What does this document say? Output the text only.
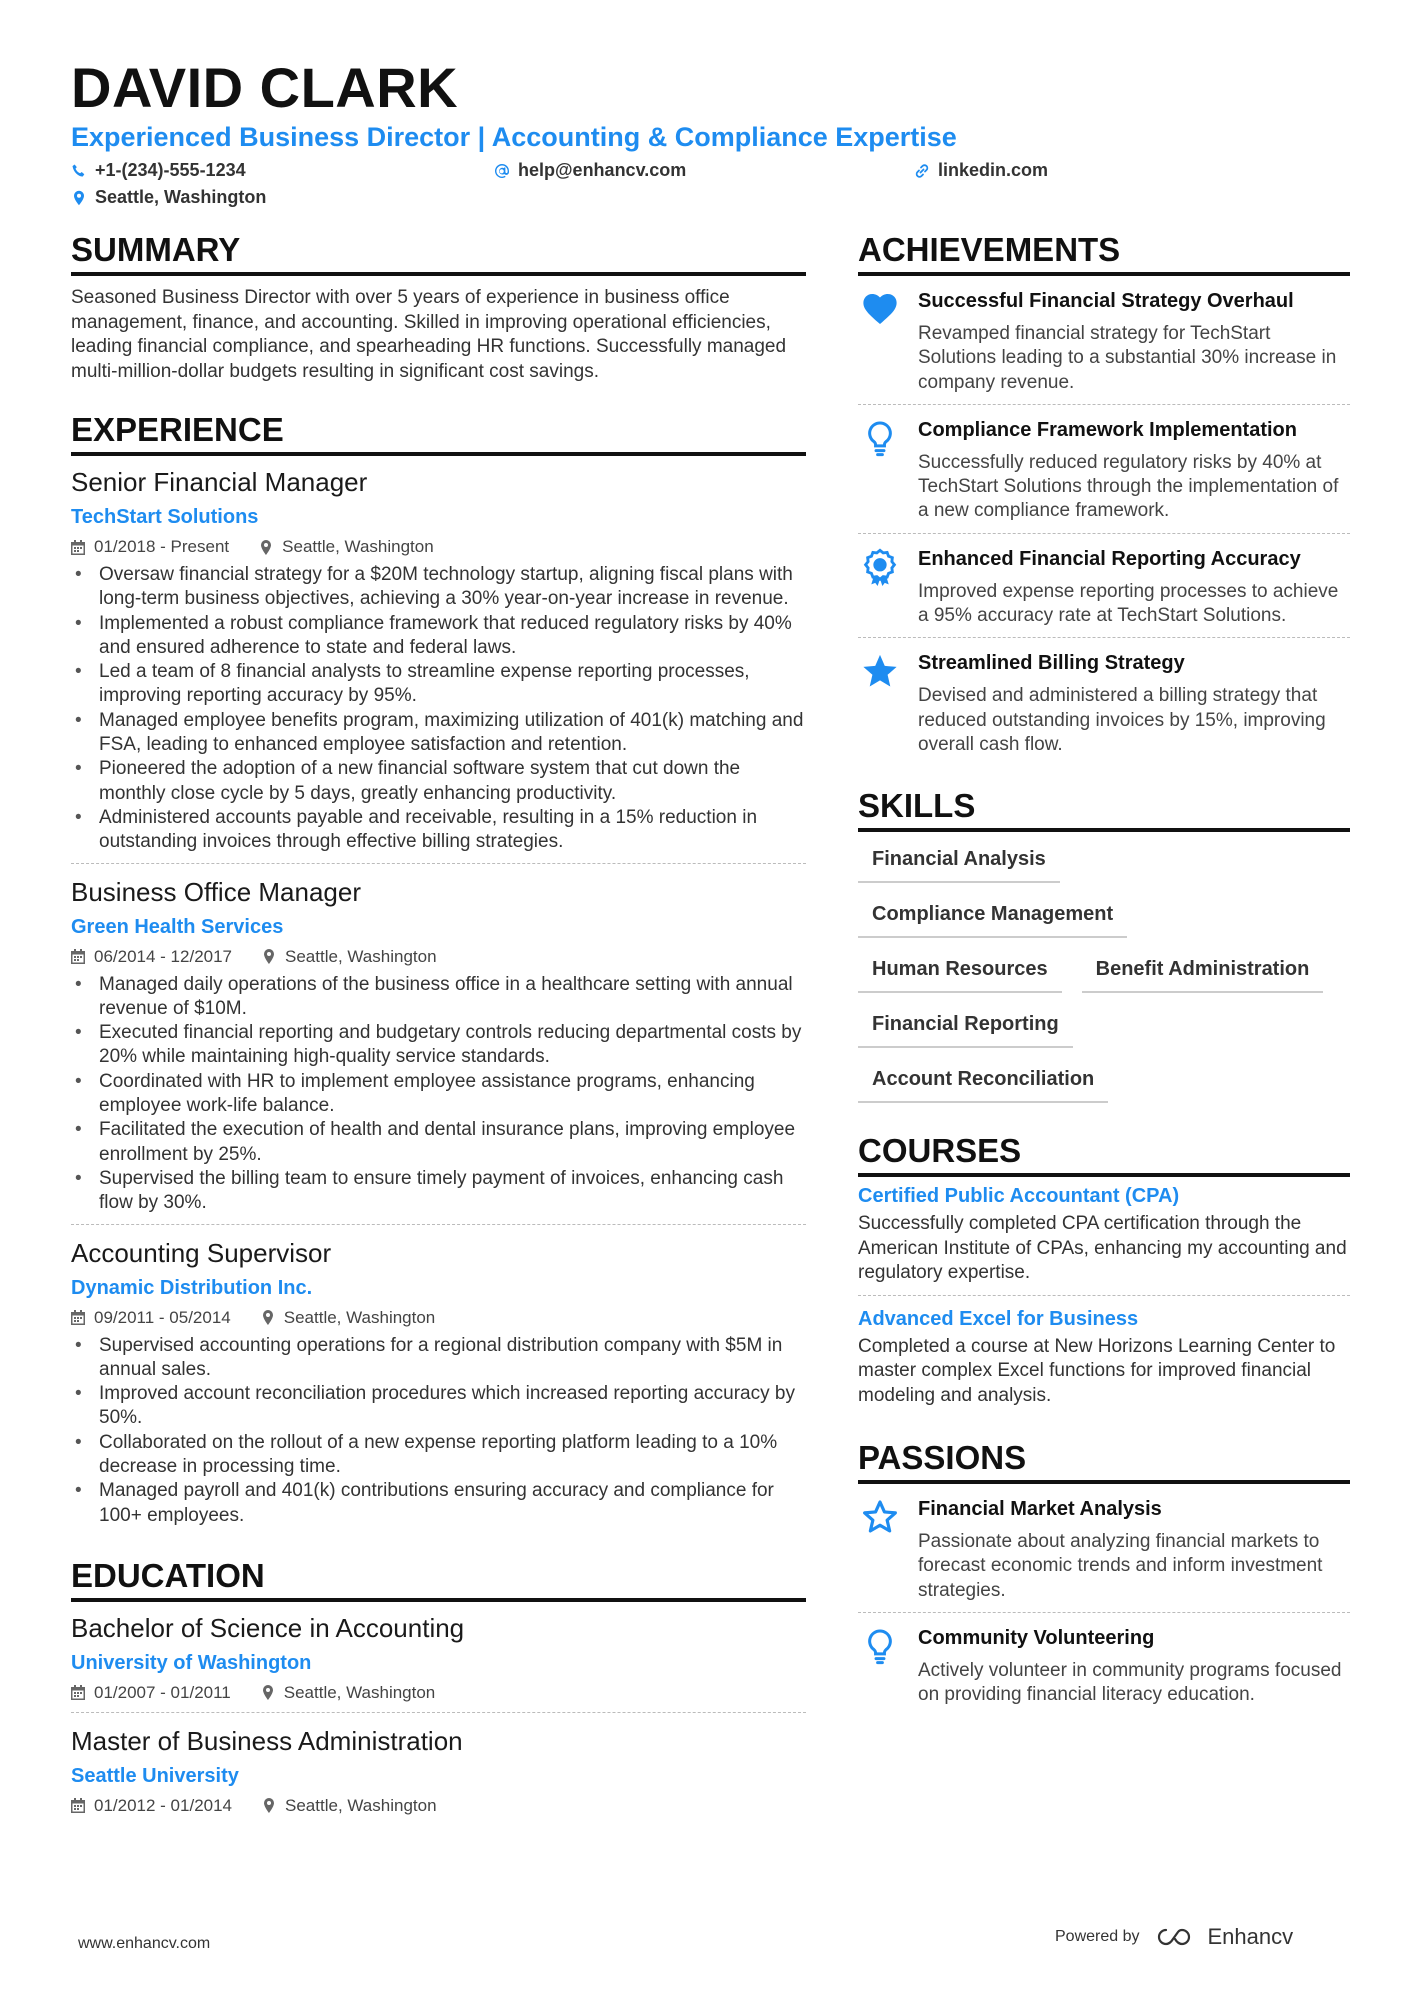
DAVID CLARK
Experienced Business Director | Accounting & Compliance Expertise
+1-(234)-555-1234	help@enhancv.com	linkedin.com
Seattle, Washington
SUMMARY

Seasoned Business Director with over 5 years of experience in business office management, finance, and accounting. Skilled in improving operational efficiencies, leading financial compliance, and spearheading HR functions. Successfully managed multi-million-dollar budgets resulting in significant cost savings.

EXPERIENCE
Senior Financial Manager
TechStart Solutions
01/2018 - Present	Seattle, Washington
• Oversaw financial strategy for a $20M technology startup, aligning fiscal plans with long-term business objectives, achieving a 30% year-on-year increase in revenue.
• Implemented a robust compliance framework that reduced regulatory risks by 40% and ensured adherence to state and federal laws.
• Led a team of 8 financial analysts to streamline expense reporting processes, improving reporting accuracy by 95%.
• Managed employee benefits program, maximizing utilization of 401(k) matching and FSA, leading to enhanced employee satisfaction and retention.
• Pioneered the adoption of a new financial software system that cut down the monthly close cycle by 5 days, greatly enhancing productivity.
• Administered accounts payable and receivable, resulting in a 15% reduction in outstanding invoices through effective billing strategies.
Business Office Manager
Green Health Services
06/2014 - 12/2017	Seattle, Washington
• Managed daily operations of the business office in a healthcare setting with annual revenue of $10M.
• Executed financial reporting and budgetary controls reducing departmental costs by 20% while maintaining high-quality service standards.
• Coordinated with HR to implement employee assistance programs, enhancing employee work-life balance.
• Facilitated the execution of health and dental insurance plans, improving employee enrollment by 25%.
• Supervised the billing team to ensure timely payment of invoices, enhancing cash flow by 30%.
Accounting Supervisor
Dynamic Distribution Inc.
09/2011 - 05/2014	Seattle, Washington
• Supervised accounting operations for a regional distribution company with $5M in annual sales.
• Improved account reconciliation procedures which increased reporting accuracy by 50%.
• Collaborated on the rollout of a new expense reporting platform leading to a 10% decrease in processing time.
• Managed payroll and 401(k) contributions ensuring accuracy and compliance for 100+ employees.
EDUCATION
Bachelor of Science in Accounting
University of Washington
01/2007 - 01/2011	Seattle, Washington
Master of Business Administration
Seattle University
01/2012 - 01/2014	Seattle, Washington
ACHIEVEMENTS
Successful Financial Strategy Overhaul
Revamped financial strategy for TechStart Solutions leading to a substantial 30% increase in company revenue.
Compliance Framework Implementation
Successfully reduced regulatory risks by 40% at TechStart Solutions through the implementation of a new compliance framework.
Enhanced Financial Reporting Accuracy
Improved expense reporting processes to achieve a 95% accuracy rate at TechStart Solutions.
Streamlined Billing Strategy
Devised and administered a billing strategy that reduced outstanding invoices by 15%, improving overall cash flow.
SKILLS
Financial Analysis
Compliance Management
Human Resources	Benefit Administration
Financial Reporting
Account Reconciliation
COURSES
Certified Public Accountant (CPA)
Successfully completed CPA certification through the American Institute of CPAs, enhancing my accounting and regulatory expertise.
Advanced Excel for Business
Completed a course at New Horizons Learning Center to master complex Excel functions for improved financial modeling and analysis.
PASSIONS
Financial Market Analysis
Passionate about analyzing financial markets to forecast economic trends and inform investment strategies.
Community Volunteering
Actively volunteer in community programs focused on providing financial literacy education.
www.enhancv.com	Powered by	Enhancv
